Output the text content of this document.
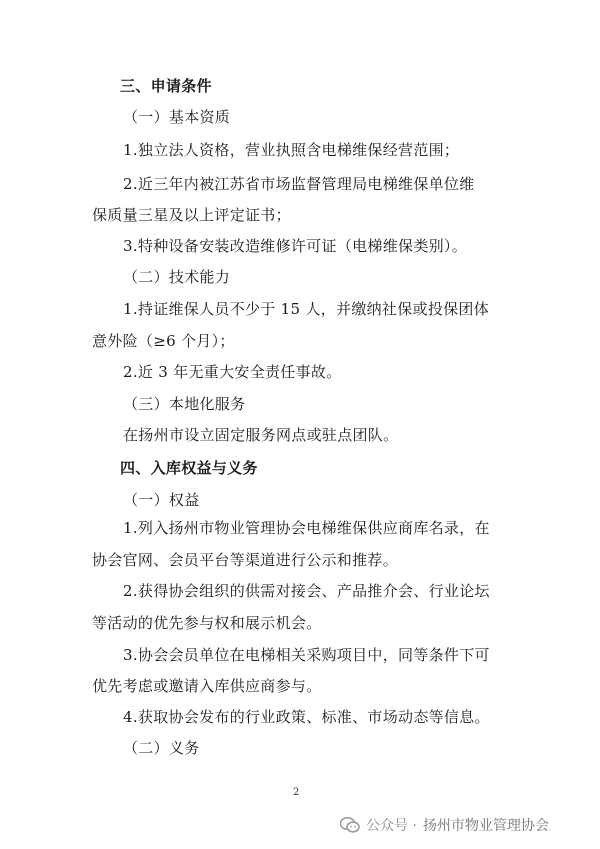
三、申请条件
（一）基本资质
1.独立法人资格，营业执照含电梯维保经营范围；
2.近三年内被江苏省市场监督管理局电梯维保单位维
保质量三星及以上评定证书；
3.特种设备安装改造维修许可证（电梯维保类别）。
（二）技术能力
1.持证维保人员不少于 15 人，并缴纳社保或投保团体
意外险（≥6 个月）；
2.近 3 年无重大安全责任事故。
（三）本地化服务
在扬州市设立固定服务网点或驻点团队。
四、入库权益与义务
（一）权益
1.列入扬州市物业管理协会电梯维保供应商库名录，在
协会官网、会员平台等渠道进行公示和推荐。
2.获得协会组织的供需对接会、产品推介会、行业论坛
等活动的优先参与权和展示机会。
3.协会会员单位在电梯相关采购项目中，同等条件下可
优先考虑或邀请入库供应商参与。
4.获取协会发布的行业政策、标准、市场动态等信息。
（二）义务
2
公众号 · 扬州市物业管理协会
